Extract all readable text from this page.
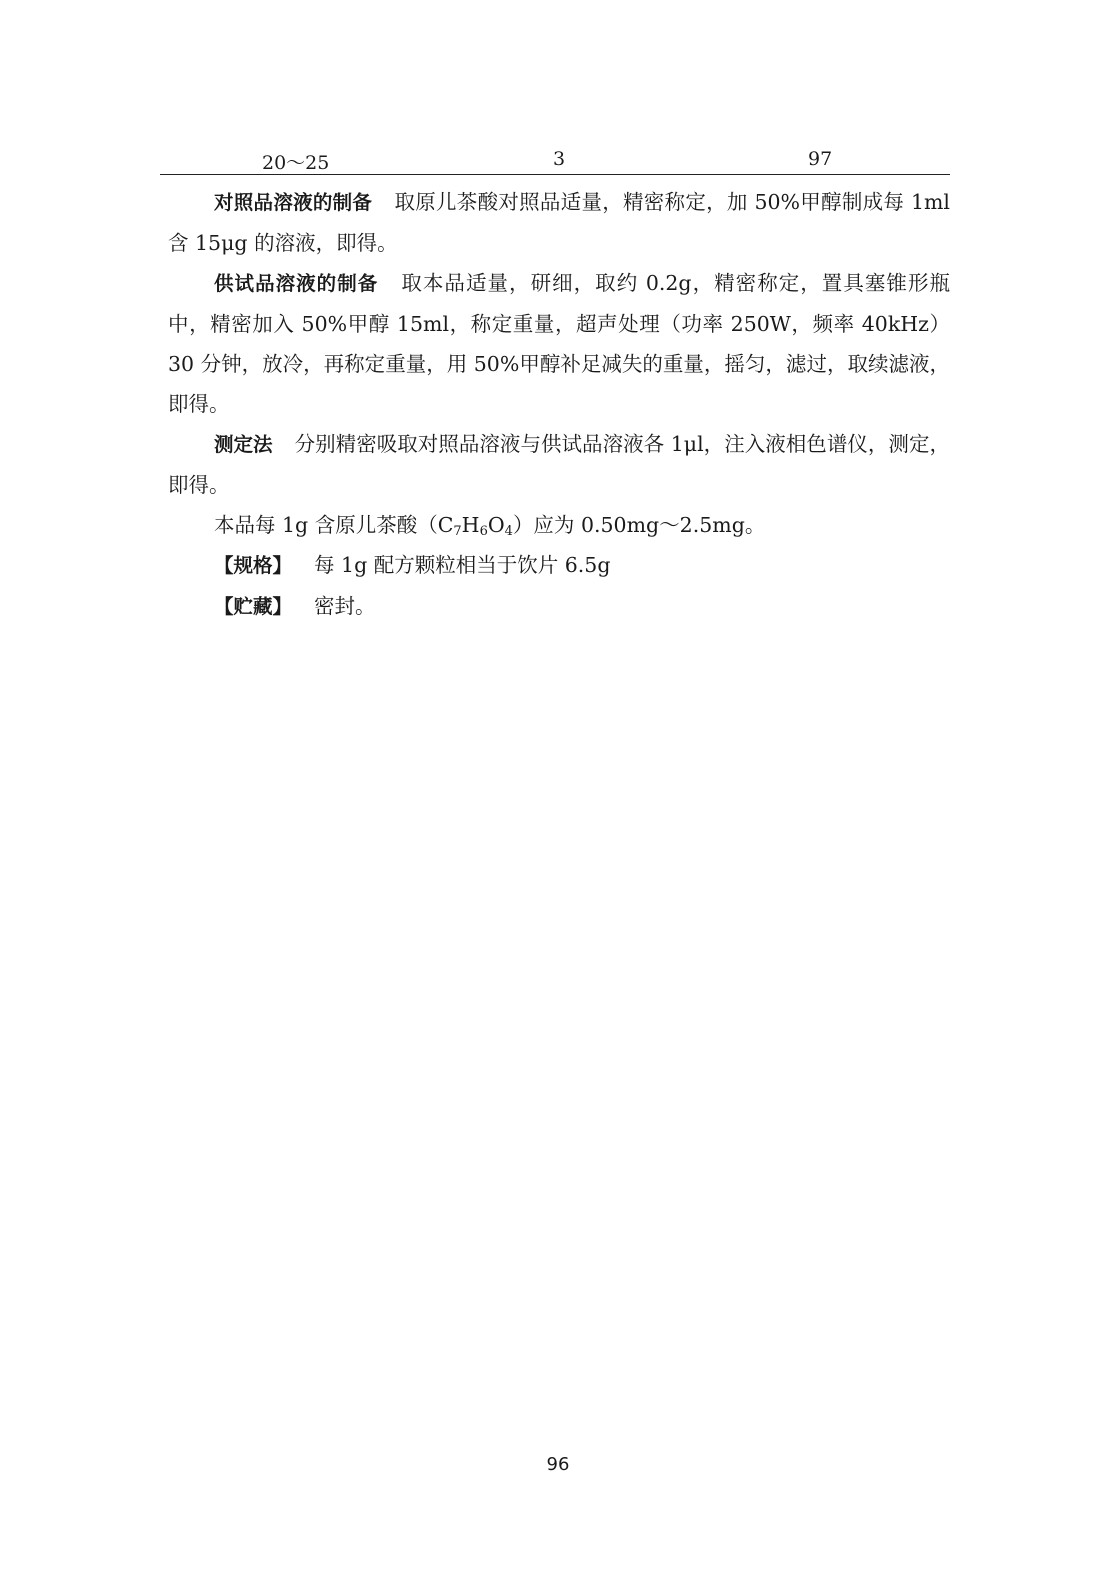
20～25	3	97

对照品溶液的制备 取原儿茶酸对照品适量，精密称定，加 50%甲醇制成每 1ml 含 15μg 的溶液，即得。

供试品溶液的制备 取本品适量，研细，取约 0.2g，精密称定，置具塞锥形瓶中，精密加入 50%甲醇 15ml，称定重量，超声处理（功率 250W，频率 40kHz）30 分钟，放冷，再称定重量，用 50%甲醇补足减失的重量，摇匀，滤过，取续滤液，即得。

测定法 分别精密吸取对照品溶液与供试品溶液各 1μl，注入液相色谱仪，测定，即得。

本品每 1g 含原儿茶酸$(C_7H_6O_4)$应为 0.50mg～2.5mg。

【规格】 每 1g 配方颗粒相当于饮片 6.5g

【贮藏】 密封。

96
